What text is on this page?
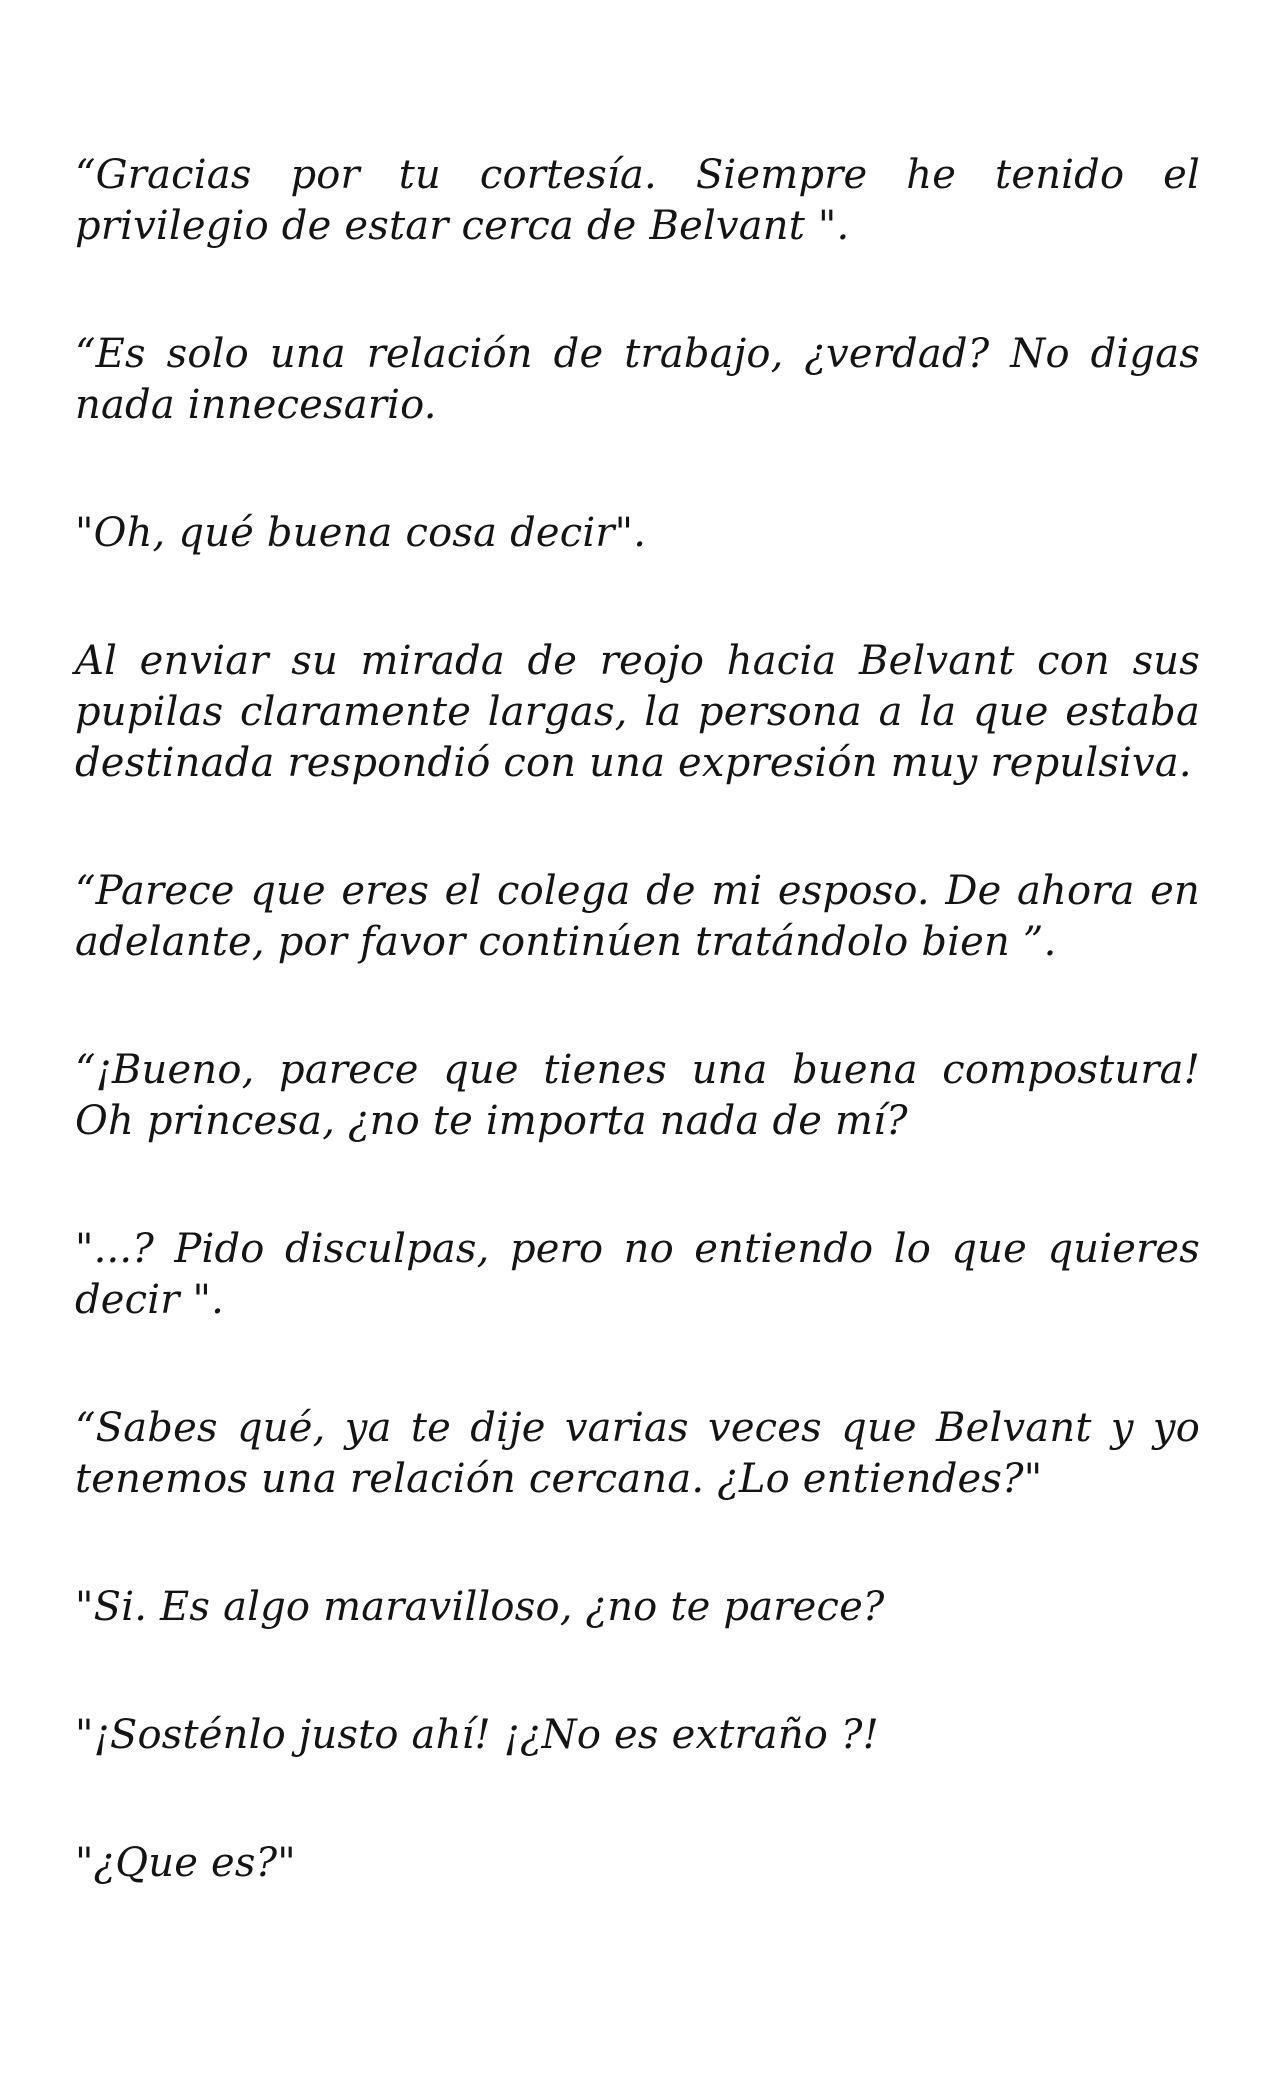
“Gracias por tu cortesía. Siempre he tenido el privilegio de estar cerca de Belvant ".

“Es solo una relación de trabajo, ¿verdad? No digas nada innecesario.

"Oh, qué buena cosa decir".

Al enviar su mirada de reojo hacia Belvant con sus pupilas claramente largas, la persona a la que estaba destinada respondió con una expresión muy repulsiva.

“Parece que eres el colega de mi esposo. De ahora en adelante, por favor continúen tratándolo bien ”.

“¡Bueno, parece que tienes una buena compostura! Oh princesa, ¿no te importa nada de mí?

"...? Pido disculpas, pero no entiendo lo que quieres decir ".

“Sabes qué, ya te dije varias veces que Belvant y yo tenemos una relación cercana. ¿Lo entiendes?"

"Si. Es algo maravilloso, ¿no te parece?

"¡Sosténlo justo ahí! ¡¿No es extraño ?!

"¿Que es?"
